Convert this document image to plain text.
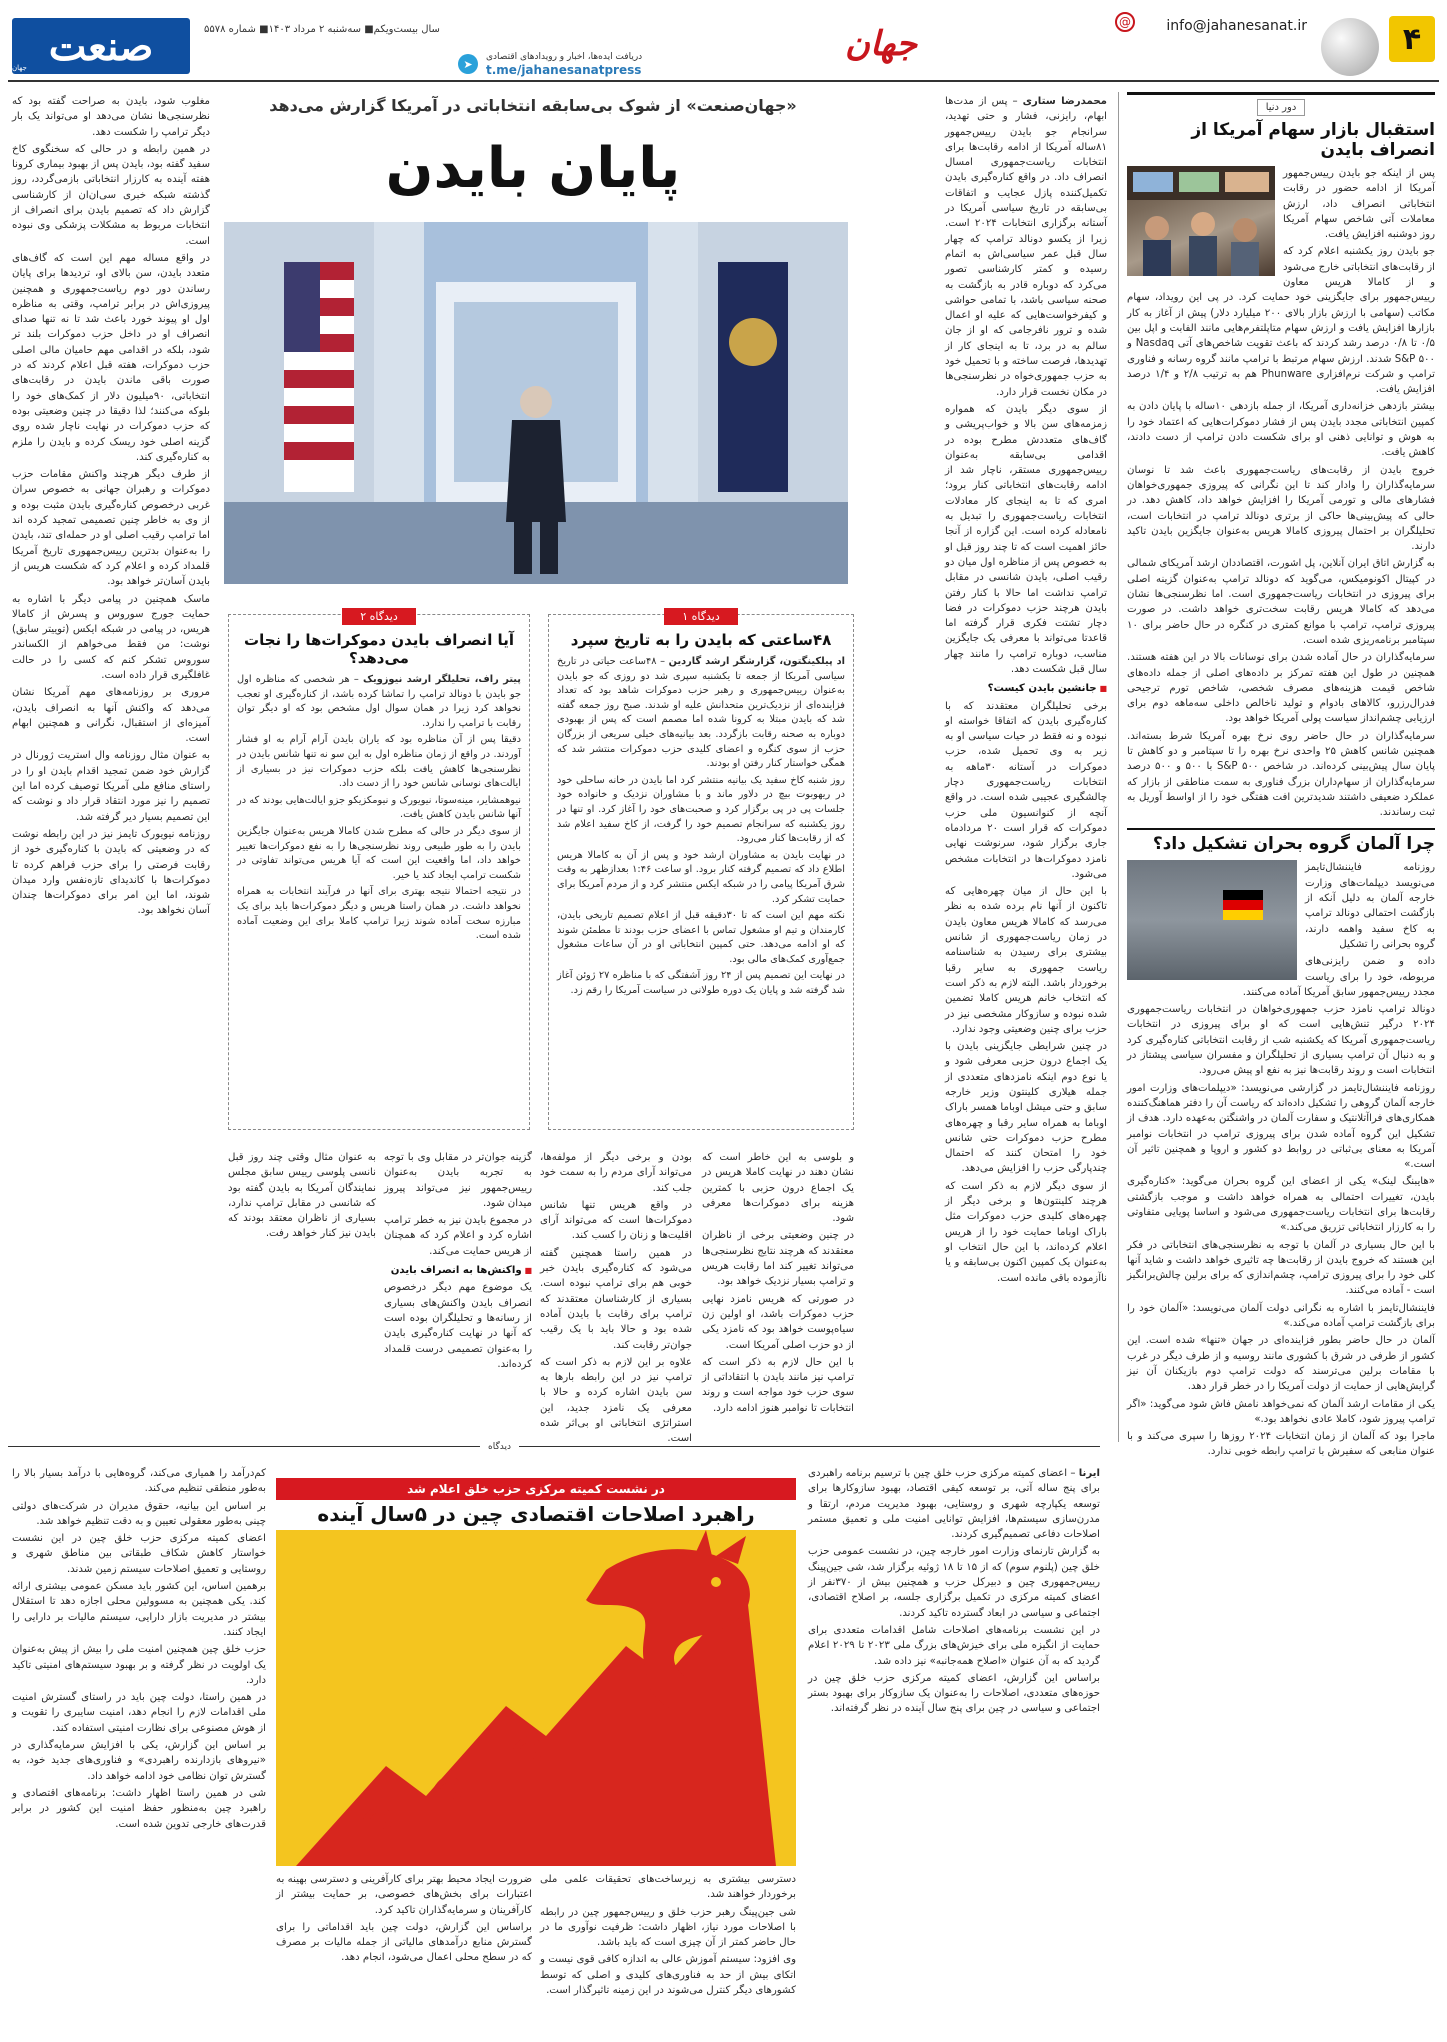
۴
@	info@jahanesanat.ir
جهان
➤
دریافت ایده‌ها، اخبار و رویدادهای اقتصادی
t.me/jahanesanatpress
سال بیست‌ویکم■ سه‌شنبه ۲ مرداد ۱۴۰۳■ شماره ۵۵۷۸
صنعت
جهان
دور دنیا
استقبال بازار سهام آمریکا از انصراف بایدن

پس از اینکه جو بایدن رییس‌جمهور آمریکا از ادامه حضور در رقابت انتخاباتی انصراف داد، ارزش معاملات آتی شاخص سهام آمریکا روز دوشنبه افزایش یافت.

جو بایدن روز یکشنبه اعلام کرد که از رقابت‌های انتخاباتی خارج می‌شود و از کامالا هریس معاون رییس‌جمهور برای جایگزینی خود حمایت کرد. در پی این رویداد، سهام مکاتب (سهامی با ارزش بازار بالای ۲۰۰ میلیارد دلار) پیش از آغاز به کار بازارها افزایش یافت و ارزش سهام متاپلتفرم‌هایی مانند الفابت و اپل بین ۰/۵ تا ۰/۸ درصد رشد کردند که باعث تقویت شاخص‌های آتی Nasdaq و S&P ۵۰۰ شدند. ارزش سهام مرتبط با ترامپ مانند گروه رسانه و فناوری ترامپ و شرکت نرم‌افزاری Phunware هم به ترتیب ۲/۸ و ۱/۴ درصد افزایش یافت.

بیشتر بازدهی خزانه‌داری آمریکا، از جمله بازدهی ۱۰ساله با پایان دادن به کمپین انتخاباتی مجدد بایدن پس از فشار دموکرات‌هایی که اعتماد خود را به هوش و توانایی ذهنی او برای شکست دادن ترامپ از دست دادند، کاهش یافت.

خروج بایدن از رقابت‌های ریاست‌جمهوری باعث شد تا نوسان سرمایه‌گذاران را وادار کند تا این نگرانی که پیروزی جمهوری‌خواهان فشارهای مالی و تورمی آمریکا را افزایش خواهد داد، کاهش دهد. در حالی که پیش‌بینی‌ها حاکی از برتری دونالد ترامپ در انتخابات است، تحلیلگران بر احتمال پیروزی کامالا هریس به‌عنوان جایگزین بایدن تاکید دارند.

به گزارش اتاق ایران آنلاین، پل اشورت، اقتصاددان ارشد آمریکای شمالی در کپیتال اکونومیکس، می‌گوید که دونالد ترامپ به‌عنوان گزینه اصلی برای پیروزی در انتخابات ریاست‌جمهوری است. اما نظرسنجی‌ها نشان می‌دهد که کامالا هریس رقابت سخت‌تری خواهد داشت. در صورت پیروزی ترامپ، ترامپ با موانع کمتری در کنگره در حال حاضر برای ۱۰ سپتامبر برنامه‌ریزی شده است.

سرمایه‌گذاران در حال آماده شدن برای نوسانات بالا در این هفته هستند. همچنین در طول این هفته تمرکز بر داده‌های اصلی از جمله داده‌های شاخص قیمت هزینه‌های مصرف شخصی، شاخص تورم ترجیحی فدرال‌رزرو، کالاهای بادوام و تولید ناخالص داخلی سه‌ماهه دوم برای ارزیابی چشم‌انداز سیاست پولی آمریکا خواهد بود.

سرمایه‌گذاران در حال حاضر روی نرخ بهره آمریکا شرط بسته‌اند. همچنین شانس کاهش ۲۵ واحدی نرخ بهره را تا سپتامبر و دو کاهش تا پایان سال پیش‌بینی کرده‌اند. در شاخص S&P ۵۰۰ با ۵۰۰ و ۵۰۰ درصد سرمایه‌گذاران از سهام‌داران بزرگ فناوری به سمت مناطقی از بازار که عملکرد ضعیفی داشتند شدیدترین افت هفتگی خود را از اواسط آوریل به ثبت رساندند.

چرا آلمان گروه بحران تشکیل داد؟

روزنامه فایننشال‌تایمز می‌نویسد دیپلمات‌های وزارت خارجه آلمان به دلیل آنکه از بازگشت احتمالی دونالد ترامپ به کاخ سفید واهمه دارند، گروه بحرانی را تشکیل

داده و ضمن رایزنی‌های مربوطه، خود را برای ریاست مجدد رییس‌جمهور سابق آمریکا آماده می‌کنند.

دونالد ترامپ نامزد حزب جمهوری‌خواهان در انتخابات ریاست‌جمهوری ۲۰۲۴ درگیر تنش‌هایی است که او برای پیروزی در انتخابات ریاست‌جمهوری آمریکا که یکشنبه شب از رقابت انتخاباتی کناره‌گیری کرد و به دنبال آن ترامپ بسیاری از تحلیلگران و مفسران سیاسی پیشتاز در انتخابات است و روند رقابت‌ها نیز به نفع او پیش می‌رود.

روزنامه فایننشال‌تایمز در گزارشی می‌نویسد: «دیپلمات‌های وزارت امور خارجه آلمان گروهی را تشکیل داده‌اند که ریاست آن را دفتر هماهنگ‌کننده همکاری‌های فراآتلانتیک و سفارت آلمان در واشنگتن به‌عهده دارد. هدف از تشکیل این گروه آماده شدن برای پیروزی ترامپ در انتخابات نوامبر آمریکا به معنای بی‌ثباتی در روابط دو کشور و اروپا و همچنین تاثیر آن است.»

«هایبنگ لینک» یکی از اعضای این گروه بحران می‌گوید: «کناره‌گیری بایدن، تغییرات احتمالی به همراه خواهد داشت و موجب بازگشتی رقابت‌ها برای انتخابات ریاست‌جمهوری می‌شود و اساسا پویایی متفاوتی را به کارزار انتخاباتی تزریق می‌کند.»

با این حال بسیاری در آلمان با توجه به نظرسنجی‌های انتخاباتی در فکر این هستند که خروج بایدن از رقابت‌ها چه تاثیری خواهد داشت و شاید آنها کلی خود را برای پیروزی ترامپ، چشم‌اندازی که برای برلین چالش‌برانگیز است - آماده می‌کنند.

فایننشال‌تایمز با اشاره به نگرانی دولت آلمان می‌نویسد: «آلمان خود را برای بازگشت ترامپ آماده می‌کند.»

آلمان در حال حاضر بطور فزاینده‌ای در جهان «تنها» شده است. این کشور از طرفی در شرق با کشوری مانند روسیه و از طرف دیگر در غرب با مقامات برلین می‌ترسند که دولت ترامپ دوم بازیکنان آن نیز گرایش‌هایی از حمایت از دولت آمریکا را در خطر قرار دهد.

یکی از مقامات ارشد آلمان که نمی‌خواهد نامش فاش شود می‌گوید: «اگر ترامپ پیروز شود، کاملا عادی نخواهد بود.»

ماجرا بود که آلمان از زمان انتخابات ۲۰۲۴ روز‌ها را سپری می‌کند و با عنوان منابعی که سفیرش با ترامپ رابطه خوبی ندارد.

«جهان‌صنعت» از شوک بی‌سابقه انتخاباتی در آمریکا گزارش می‌دهد
پایان بایدن

محمدرضا ستاری – پس از مدت‌ها ابهام، رایزنی، فشار و حتی تهدید، سرانجام جو بایدن رییس‌جمهور ۸۱ساله آمریکا از ادامه رقابت‌ها برای انتخابات ریاست‌جمهوری امسال انصراف داد. در واقع کناره‌گیری بایدن تکمیل‌کننده پازل عجایب و اتفاقات بی‌سابقه در تاریخ سیاسی آمریکا در آستانه برگزاری انتخابات ۲۰۲۴ است. زیرا از یکسو دونالد ترامپ که چهار سال قبل عمر سیاسی‌اش به اتمام رسیده و کمتر کارشناسی تصور می‌کرد که دوباره قادر به بازگشت به صحنه سیاسی باشد، با تمامی حواشی و کیفرخواست‌هایی که علیه او اعمال شده و ترور نافرجامی که او از جان سالم به در برد، تا به اینجای کار از تهدیدها، فرصت ساخته و با تحمیل خود به حزب جمهوری‌خواه در نظرسنجی‌ها در مکان نخست قرار دارد.

از سوی دیگر بایدن که همواره زمزمه‌های سن بالا و خواب‌پریشی و گاف‌های متعددش مطرح بوده در اقدامی بی‌سابقه به‌عنوان رییس‌جمهوری مستقر، ناچار شد از ادامه رقابت‌های انتخاباتی کنار برود؛ امری که تا به اینجای کار معادلات انتخابات ریاست‌جمهوری را تبدیل به نامعادله کرده است. این گزاره از آنجا حائز اهمیت است که تا چند روز قبل او به خصوص پس از مناظره اول میان دو رقیب اصلی، بایدن شانسی در مقابل ترامپ نداشت اما حالا با کنار رفتن بایدن هرچند حزب دموکرات در فضا دچار تشتت فکری قرار گرفته اما قاعدتا می‌تواند با معرفی یک جایگزین مناسب، دوباره ترامپ را مانند چهار سال قبل شکست دهد.

■ جانشین بایدن کیست؟

برخی تحلیلگران معتقدند که با کناره‌گیری بایدن که اتفاقا خواسته او نبوده و نه فقط در حیات سیاسی او به زیر به وی تحمیل شده، حزب دموکرات در آستانه ۳۰ماهه به انتخابات ریاست‌جمهوری دچار چالشگیری عجیبی شده است. در واقع آنچه از کنوانسیون ملی حزب دموکرات که قرار است ۲۰ مردادماه جاری برگزار شود، سرنوشت نهایی نامزد دموکرات‌ها در انتخابات مشخص می‌شود.

با این حال از میان چهره‌هایی که تاکنون از آنها نام برده شده به نظر می‌رسد که کامالا هریس معاون بایدن در زمان ریاست‌جمهوری از شانس بیشتری برای رسیدن به شناسنامه ریاست جمهوری به سایر رقبا برخوردار باشد. البته لازم به ذکر است که انتخاب خانم هریس کاملا تضمین شده نبوده و سازوکار مشخصی نیز در حزب برای چنین وضعیتی وجود ندارد.

در چنین شرایطی جایگزینی بایدن با یک اجماع درون حزبی معرفی شود و یا نوع دوم اینکه نامزدهای متعددی از جمله هیلاری کلینتون وزیر خارجه سابق و حتی میشل اوباما همسر باراک اوباما به همراه سایر رقبا و چهره‌های مطرح حزب دموکرات حتی شانس خود را امتحان کنند که احتمال چندپارگی حزب را افزایش می‌دهد.

از سوی دیگر لازم به ذکر است که هرچند کلینتون‌ها و برخی دیگر از چهره‌های کلیدی حزب دموکرات مثل باراک اوباما حمایت خود را از هریس اعلام کرده‌اند، با این حال انتخاب او به‌عنوان یک کمپین اکنون بی‌سابقه و یا ناآزموده باقی مانده است.

مغلوب شود، بایدن به صراحت گفته بود که نظرسنجی‌ها نشان می‌دهد او می‌تواند یک بار دیگر ترامپ را شکست دهد.

در همین رابطه و در حالی که سخنگوی کاخ سفید گفته بود، بایدن پس از بهبود بیماری کرونا هفته آینده به کارزار انتخاباتی بازمی‌گردد، روز گذشته شبکه خبری سی‌ان‌ان از کارشناسی گزارش داد که تصمیم بایدن برای انصراف از انتخابات مربوط به مشکلات پزشکی وی نبوده است.

در واقع مساله مهم این است که گاف‌های متعدد بایدن، سن بالای او، تردیدها برای پایان رساندن دور دوم ریاست‌جمهوری و همچنین پیروزی‌اش در برابر ترامپ، وقتی به مناظره اول او پیوند خورد باعث شد تا نه تنها صدای انصراف او در داخل حزب دموکرات بلند تر شود، بلکه در اقدامی مهم حامیان مالی اصلی حزب دموکرات، هفته قبل اعلام کردند که در صورت باقی ماندن بایدن در رقابت‌های انتخاباتی، ۹۰میلیون دلار از کمک‌های خود را بلوکه می‌کنند؛ لذا دقیقا در چنین وضعیتی بوده که حزب دموکرات در نهایت ناچار شده روی گزینه اصلی خود ریسک کرده و بایدن را ملزم به کناره‌گیری کند.

از طرف دیگر هرچند واکنش مقامات حزب دموکرات و رهبران جهانی به خصوص سران غربی درخصوص کناره‌گیری بایدن مثبت بوده و از وی به خاطر چنین تصمیمی تمجید کرده اند اما ترامپ رقیب اصلی او در حمله‌ای تند، بایدن را به‌عنوان بدترین رییس‌جمهوری تاریخ آمریکا قلمداد کرده و اعلام کرد که شکست هریس از بایدن آسان‌تر خواهد بود.

ماسک همچنین در پیامی دیگر با اشاره به حمایت جورج سوروس و پسرش از کامالا هریس، در پیامی در شبکه ایکس (توییتر سابق) نوشت: من فقط می‌خواهم از الکساندر سوروس تشکر کنم که کسی را در حالت غافلگیری قرار داده است.

مروری بر روزنامه‌های مهم آمریکا نشان می‌دهد که واکنش آنها به انصراف بایدن، آمیزه‌ای از استقبال، نگرانی و همچنین ابهام است.

به عنوان مثال روزنامه وال استریت ژورنال در گزارش خود ضمن تمجید اقدام بایدن او را در راستای منافع ملی آمریکا توصیف کرده اما این تصمیم را نیز مورد انتقاد قرار داد و نوشت که این تصمیم بسیار دیر گرفته شد.

روزنامه نیویورک تایمز نیز در این رابطه نوشت که در وضعیتی که بایدن با کناره‌گیری خود از رقابت فرصتی را برای حزب فراهم کرده تا دموکرات‌ها با کاندیدای تازه‌نفس وارد میدان شوند، اما این امر برای دموکرات‌ها چندان آسان نخواهد بود.

دیدگاه ۱
۴۸ساعتی که بایدن را به تاریخ سپرد

اد پیلکینگتون، گزارشگر ارشد گاردین – ۴۸ساعت حیاتی در تاریخ سیاسی آمریکا از جمعه تا یکشنبه سپری شد دو روزی که جو بایدن به‌عنوان رییس‌جمهوری و رهبر حزب دموکرات شاهد بود که تعداد فزاینده‌ای از نزدیک‌ترین متحدانش علیه او شدند. صبح روز جمعه گفته شد که بایدن مبتلا به کرونا شده اما مصمم است که پس از بهبودی دوباره به صحنه رقابت بازگردد. بعد بیانیه‌های خیلی سریعی از بزرگان حزب از سوی کنگره و اعضای کلیدی حزب دموکرات منتشر شد که همگی خواستار کنار رفتن او بودند.

روز شنبه کاخ سفید یک بیانیه منتشر کرد اما بایدن در خانه ساحلی خود در ریهوبوت بیچ در دلاور ماند و با مشاوران نزدیک و خانواده خود جلسات پی در پی برگزار کرد و صحبت‌های خود را آغاز کرد. او تنها در روز یکشنبه که سرانجام تصمیم خود را گرفت، از کاخ سفید اعلام شد که از رقابت‌ها کنار می‌رود.

در نهایت بایدن به مشاوران ارشد خود و پس از آن به کامالا هریس اطلاع داد که تصمیم گرفته کنار برود. او ساعت ۱:۴۶ بعدازظهر به وقت شرق آمریکا پیامی را در شبکه ایکس منتشر کرد و از مردم آمریکا برای حمایت تشکر کرد.

نکته مهم این است که تا ۳۰دقیقه قبل از اعلام تصمیم تاریخی بایدن، کارمندان و تیم او مشغول تماس با اعضای حزب بودند تا مطمئن شوند که او ادامه می‌دهد. حتی کمپین انتخاباتی او در آن ساعات مشغول جمع‌آوری کمک‌های مالی بود.

در نهایت این تصمیم پس از ۲۴ روز آشفتگی که با مناظره ۲۷ ژوئن آغاز شد گرفته شد و پایان یک دوره طولانی در سیاست آمریکا را رقم زد.

دیدگاه ۲
آیا انصراف بایدن دموکرات‌ها را نجات می‌دهد؟

پیتر راف، تحلیلگر ارشد نیوزویک – هر شخصی که مناظره اول جو بایدن با دونالد ترامپ را تماشا کرده باشد، از کناره‌گیری او تعجب نخواهد کرد زیرا در همان سوال اول مشخص بود که او دیگر توان رقابت با ترامپ را ندارد.

دقیقا پس از آن مناظره بود که یاران بایدن آرام آرام به او فشار آوردند. در واقع از زمان مناظره اول به این سو نه تنها شانس بایدن در نظرسنجی‌ها کاهش یافت بلکه حزب دموکرات نیز در بسیاری از ایالت‌های نوسانی شانس خود را از دست داد.

نیوهمشایر، مینه‌سوتا، نیویورک و نیومکزیکو جزو ایالت‌هایی بودند که در آنها شانس بایدن کاهش یافت.

از سوی دیگر در حالی که مطرح شدن کامالا هریس به‌عنوان جایگزین بایدن را به طور طبیعی روند نظرسنجی‌ها را به نفع دموکرات‌ها تغییر خواهد داد، اما واقعیت این است که آیا هریس می‌تواند تفاوتی در شکست ترامپ ایجاد کند یا خیر.

در نتیجه احتمالا نتیجه بهتری برای آنها در فرآیند انتخابات به همراه نخواهد داشت. در همان راستا هریس و دیگر دموکرات‌ها باید برای یک مبارزه سخت آماده شوند زیرا ترامپ کاملا برای این وضعیت آماده شده است.

و بلوسی به این خاطر است که نشان دهند در نهایت کاملا هریس در یک اجماع درون حزبی با کمترین هزینه برای دموکرات‌ها معرفی شود.

در چنین وضعیتی برخی از ناظران معتقدند که هرچند نتایج نظرسنجی‌ها می‌تواند تغییر کند اما رقابت هریس و ترامپ بسیار نزدیک خواهد بود.

در صورتی که هریس نامزد نهایی حزب دموکرات باشد، او اولین زن سیاه‌پوست خواهد بود که نامزد یکی از دو حزب اصلی آمریکا است.

با این حال لازم به ذکر است که ترامپ نیز مانند بایدن با انتقاداتی از سوی حزب خود مواجه است و روند انتخابات تا نوامبر هنوز ادامه دارد.

بودن و برخی دیگر از مولفه‌ها، می‌تواند آرای مردم را به سمت خود جلب کند.

در واقع هریس تنها شانس دموکرات‌ها است که می‌تواند آرای اقلیت‌ها و زنان را کسب کند.

در همین راستا همچنین گفته می‌شود که کناره‌گیری بایدن خبر خوبی هم برای ترامپ نبوده است. بسیاری از کارشناسان معتقدند که ترامپ برای رقابت با بایدن آماده شده بود و حالا باید با یک رقیب جوان‌تر رقابت کند.

علاوه بر این لازم به ذکر است که ترامپ نیز در این رابطه بارها به سن بایدن اشاره کرده و حالا با معرفی یک نامزد جدید، این استراتژی انتخاباتی او بی‌اثر شده است.

گزینه جوان‌تر در مقابل وی با توجه به تجربه بایدن به‌عنوان رییس‌جمهور نیز می‌تواند پیروز میدان شود.

در مجموع بایدن نیز به خطر ترامپ اشاره کرد و اعلام کرد که همچنان از هریس حمایت می‌کند.

■ واکنش‌ها به انصراف بایدن

یک موضوع مهم دیگر درخصوص انصراف بایدن واکنش‌های بسیاری از رسانه‌ها و تحلیلگران بوده است که آنها در نهایت کناره‌گیری بایدن را به‌عنوان تصمیمی درست قلمداد کرده‌اند.

به عنوان مثال وقتی چند روز قبل نانسی پلوسی رییس سابق مجلس نمایندگان آمریکا به بایدن گفته بود که شانسی در مقابل ترامپ ندارد، بسیاری از ناظران معتقد بودند که بایدن نیز کنار خواهد رفت.

دیدگاه
در نشست کمیته مرکزی حزب خلق اعلام شد
راهبرد اصلاحات اقتصادی چین در ۵سال آینده

ایرنا – اعضای کمیته مرکزی حزب خلق چین با ترسیم برنامه راهبردی برای پنج ساله آتی، بر توسعه کیفی اقتصاد، بهبود سازوکارها برای توسعه یکپارچه شهری و روستایی، بهبود مدیریت مردم، ارتقا و مدرن‌سازی سیستم‌ها، افزایش توانایی امنیت ملی و تعمیق مستمر اصلاحات دفاعی تصمیم‌گیری کردند.

به گزارش تارنمای وزارت امور خارجه چین، در نشست عمومی حزب خلق چین (پلنوم سوم) که از ۱۵ تا ۱۸ ژوئیه برگزار شد، شی جین‌پینگ رییس‌جمهوری چین و دبیرکل حزب و همچنین بیش از ۳۷۰نفر از اعضای کمیته مرکزی در تکمیل برگزاری جلسه، بر اصلاح اقتصادی، اجتماعی و سیاسی در ابعاد گسترده تاکید کردند.

در این نشست برنامه‌های اصلاحات شامل اقدامات متعددی برای حمایت از انگیزه ملی برای خیزش‌های بزرگ ملی ۲۰۲۳ تا ۲۰۲۹ اعلام گردید که به آن عنوان «اصلاح همه‌جانبه» نیز داده شد.

براساس این گزارش، اعضای کمیته مرکزی حزب خلق چین در حوزه‌های متعددی، اصلاحات را به‌عنوان یک سازوکار برای بهبود بستر اجتماعی و سیاسی در چین برای پنج سال آینده در نظر گرفته‌اند.

دسترسی بیشتری به زیرساخت‌های تحقیقات علمی ملی برخوردار خواهند شد.

شی جین‌پینگ رهبر حزب خلق و رییس‌جمهور چین در رابطه با اصلاحات مورد نیاز، اظهار داشت: ظرفیت نوآوری ما در حال حاضر کمتر از آن چیزی است که باید باشد.

وی افزود: سیستم آموزش عالی به اندازه کافی قوی نیست و اتکای بیش از حد به فناوری‌های کلیدی و اصلی که توسط کشورهای دیگر کنترل می‌شوند در این زمینه تاثیرگذار است.

ضرورت ایجاد محیط بهتر برای کارآفرینی و دسترسی بهینه به اعتبارات برای بخش‌های خصوصی، بر حمایت بیشتر از کارآفرینان و سرمایه‌گذاران تاکید کرد.

براساس این گزارش، دولت چین باید اقداماتی را برای گسترش منابع درآمدهای مالیاتی از جمله مالیات بر مصرف که در سطح محلی اعمال می‌شود، انجام دهد.

کم‌درآمد را همیاری می‌کند، گروه‌هایی با درآمد بسیار بالا را به‌طور منطقی تنظیم می‌کند.

بر اساس این بیانیه، حقوق مدیران در شرکت‌های دولتی چینی به‌طور معقولی تعیین و به دقت تنظیم خواهد شد.

اعضای کمیته مرکزی حزب خلق چین در این نشست خواستار کاهش شکاف طبقاتی بین مناطق شهری و روستایی و تعمیق اصلاحات سیستم زمین شدند.

برهمین اساس، این کشور باید مسکن عمومی بیشتری ارائه کند. یکی همچنین به مسوولین محلی اجازه دهد تا استقلال بیشتر در مدیریت بازار دارایی، سیستم مالیات بر دارایی را ایجاد کنند.

حزب خلق چین همچنین امنیت ملی را بیش از پیش به‌عنوان یک اولویت در نظر گرفته و بر بهبود سیستم‌های امنیتی تاکید دارد.

در همین راستا، دولت چین باید در راستای گسترش امنیت ملی اقدامات لازم را انجام دهد، امنیت سایبری را تقویت و از هوش مصنوعی برای نظارت امنیتی استفاده کند.

بر اساس این گزارش، یکی با افزایش سرمایه‌گذاری در «نیروهای بازدارنده راهبردی» و فناوری‌های جدید خود، به گسترش توان نظامی خود ادامه خواهد داد.

شی در همین راستا اظهار داشت: برنامه‌های اقتصادی و راهبرد چین به‌منظور حفظ امنیت این کشور در برابر قدرت‌های خارجی تدوین شده است.
